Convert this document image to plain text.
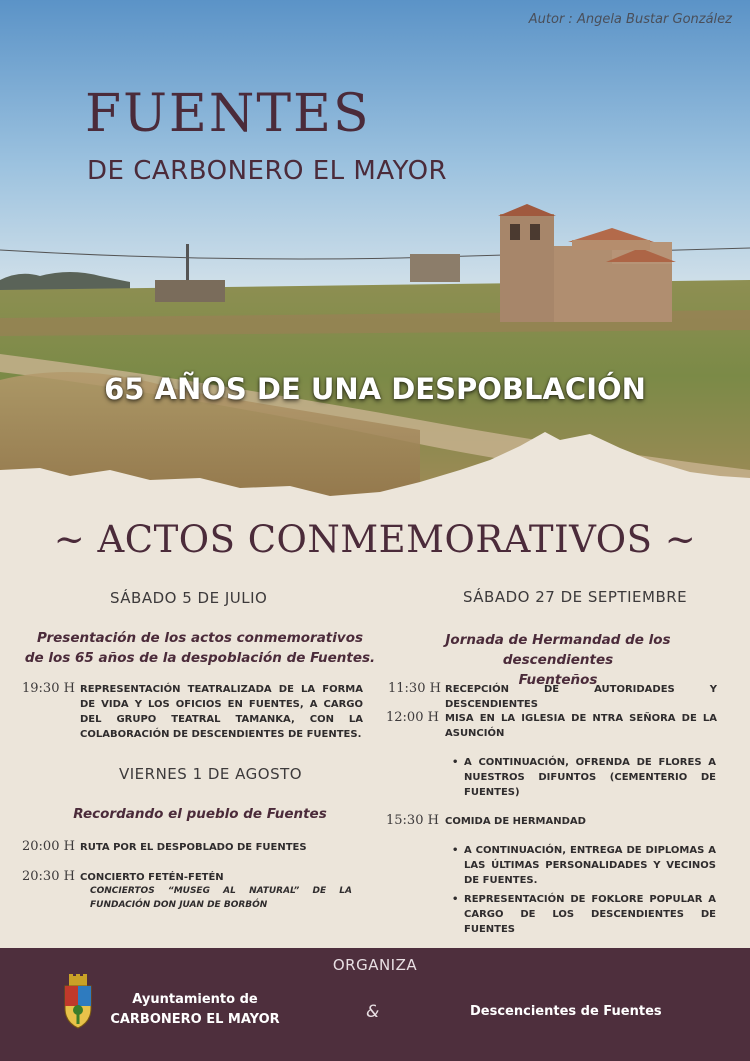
Autor : Angela Bustar González
FUENTES
DE CARBONERO EL MAYOR
65 AÑOS DE UNA DESPOBLACIÓN
~ ACTOS CONMEMORATIVOS ~
SÁBADO 5 DE JULIO
Presentación de los actos conmemorativos
de los 65 años de la despoblación de Fuentes.
19:30 H REPRESENTACIÓN TEATRALIZADA DE LA FORMA DE VIDA Y LOS OFICIOS EN FUENTES, A CARGO DEL GRUPO TEATRAL TAMANKA, CON LA COLABORACIÓN DE DESCENDIENTES DE FUENTES.
VIERNES 1 DE AGOSTO
Recordando el pueblo de Fuentes
20:00 H RUTA POR EL DESPOBLADO DE FUENTES
20:30 H CONCIERTO FETÉN-FETÉN
CONCIERTOS “MUSEG AL NATURAL” DE LA FUNDACIÓN DON JUAN DE BORBÓN
SÁBADO 27 DE SEPTIEMBRE
Jornada de Hermandad de los descendientes
Fuenteños
11:30 H RECEPCIÓN DE AUTORIDADES Y DESCENDIENTES
12:00 H MISA EN LA IGLESIA DE NTRA SEÑORA DE LA ASUNCIÓN
• A CONTINUACIÓN, OFRENDA DE FLORES A NUESTROS DIFUNTOS (CEMENTERIO DE FUENTES)
15:30 H COMIDA DE HERMANDAD
• A CONTINUACIÓN, ENTREGA DE DIPLOMAS A LAS ÚLTIMAS PERSONALIDADES Y VECINOS DE FUENTES.
• REPRESENTACIÓN DE FOKLORE POPULAR A CARGO DE LOS DESCENDIENTES DE FUENTES
ORGANIZA
Ayuntamiento de
CARBONERO EL MAYOR	&	Descencientes de Fuentes
